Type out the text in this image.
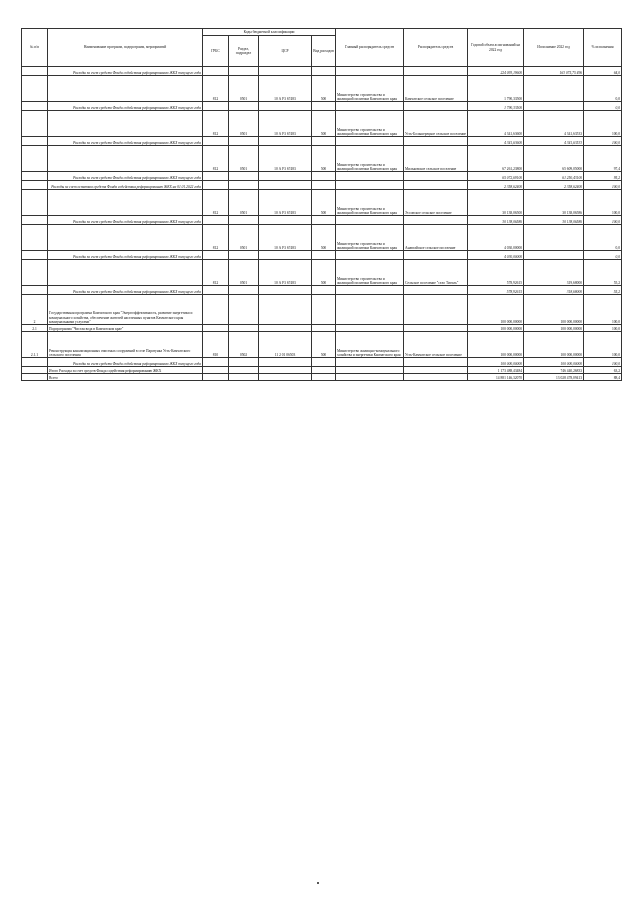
№ п/п	Наименование программ, подпрограмм, мероприятий	Коды бюджетной классификации				Главный распорядитель средств	Распорядитель средств	Годовой объем ассигнований на 2022 год	Исполнение 2022 год	% исполнения
		ГРБС	Раздел, подраздел	ЦСР	Вид расходов					
	Расходы за счет средств Фонда содействия реформированию ЖКХ текущего года							224 093,19600	163 075,75 496	64,0
		812	0501	10 А F3 67483	500	Министерство строительства и жилищной политики Камчатского края	Камчатское сельское поселение	1 790,33500		0,0
	Расходы за счет средств Фонда содействия реформированию ЖКХ текущего года							1 790,33500		0,0
		812	0501	10 А F3 67483	500	Министерство строительства и жилищной политики Камчатского края	Усть-Большерецкое сельское поселение	4 341,63600	4 341,63533	100,0
	Расходы за счет средств Фонда содействия реформированию ЖКХ текущего года							4 341,63600	4 341,63533	100,0
		812	0501	10 А F3 67483	500	Министерство строительства и жилищной политики Камчатского края	Мильковское сельское поселение	67 261,23800	65 609,05000	97,4
	Расходы за счет средств Фонда содействия реформированию ЖКХ текущего года							65 072,69100	61 250,43100	95,2
	Расходы за счет остатков средств Фонда содействия реформированию ЖКХ на 01.01.2022 года							2 358,62400	2 358,62400	100,0
		812	0501	10 А F3 67483	500	Министерство строительства и жилищной политики Камчатского края	Эссовское сельское поселение	30 138,06500	30 138,06586	100,0
	Расходы за счет средств Фонда содействия реформированию ЖКХ текущего года							30 138,06586	30 138,06586	100,0
		812	0501	10 А F3 67483	500	Министерство строительства и жилищной политики Камчатского края	Анавгайское сельское поселение	4 030,00000		0,0
	Расходы за счет средств Фонда содействия реформированию ЖКХ текущего года							4 030,00000		0,0
		812	0501	10 А F3 67483	500	Министерство строительства и жилищной политики Камчатского края	Сельское поселение "село Тигиль"	578,92615	319,68000	55,2
	Расходы за счет средств Фонда содействия реформированию ЖКХ текущего года							578,92615	318,68000	55,2
2	Государственная программа Камчатского края "Энергоэффективность, развитие энергетики и коммунального хозяйства, обеспечение жителей населенных пунктов Камчатского края коммунальными услугами"							100 000,00000	100 000,00000	100,0
2.1	Подпрограмма "Чистая вода в Камчатском крае"							100 000,00000	100 000,00000	100,0
2.1.1	Реконструкция канализационных очистных сооружений в селе Паратунка Усть-Камчатского сельского поселения	810	0502	11 2 01 06503	500	Министерство жилищно-коммунального хозяйства и энергетики Камчатского края	Усть-Камчатское сельское поселение	100 000,00000	100 000,00000	100,0
	Расходы за счет средств Фонда содействия реформированию ЖКХ текущего года							100 000,00000	100 000,00000	100,0
	Итого Расходы за счет средств Фонда содействия реформированию ЖКХ							1 173 488,43484	746 440,26833	63,2
	Всего							14 881 146,32070	13 028 478,09413	88,4
